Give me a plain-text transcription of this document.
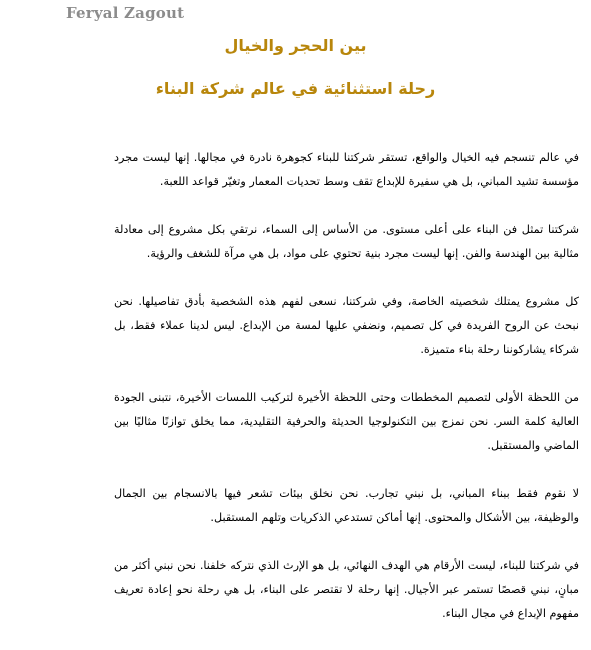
Feryal Zagout
بين الحجر والخيال
رحلة استثنائية في عالم شركة البناء

في عالم تنسجم فيه الخيال والواقع، تستقر شركتنا للبناء كجوهرة نادرة في مجالها. إنها ليست مجرد مؤسسة تشيد المباني، بل هي سفيرة للإبداع تقف وسط تحديات المعمار وتغيّر قواعد اللعبة.

شركتنا تمثل فن البناء على أعلى مستوى. من الأساس إلى السماء، نرتقي بكل مشروع إلى معادلة مثالية بين الهندسة والفن. إنها ليست مجرد بنية تحتوي على مواد، بل هي مرآة للشغف والرؤية.

كل مشروع يمتلك شخصيته الخاصة، وفي شركتنا، نسعى لفهم هذه الشخصية بأدق تفاصيلها. نحن نبحث عن الروح الفريدة في كل تصميم، ونضفي عليها لمسة من الإبداع. ليس لدينا عملاء فقط، بل شركاء يشاركوننا رحلة بناء متميزة.

من اللحظة الأولى لتصميم المخططات وحتى اللحظة الأخيرة لتركيب اللمسات الأخيرة، نتبنى الجودة العالية كلمة السر. نحن نمزج بين التكنولوجيا الحديثة والحرفية التقليدية، مما يخلق توازنًا مثاليًا بين الماضي والمستقبل.

لا نقوم فقط ببناء المباني، بل نبني تجارب. نحن نخلق بيئات تشعر فيها بالانسجام بين الجمال والوظيفة، بين الأشكال والمحتوى. إنها أماكن تستدعي الذكريات وتلهم المستقبل.

في شركتنا للبناء، ليست الأرقام هي الهدف النهائي، بل هو الإرث الذي نتركه خلفنا. نحن نبني أكثر من مبانٍ، نبني قصصًا تستمر عبر الأجيال. إنها رحلة لا تقتصر على البناء، بل هي رحلة نحو إعادة تعريف مفهوم الإبداع في مجال البناء.
